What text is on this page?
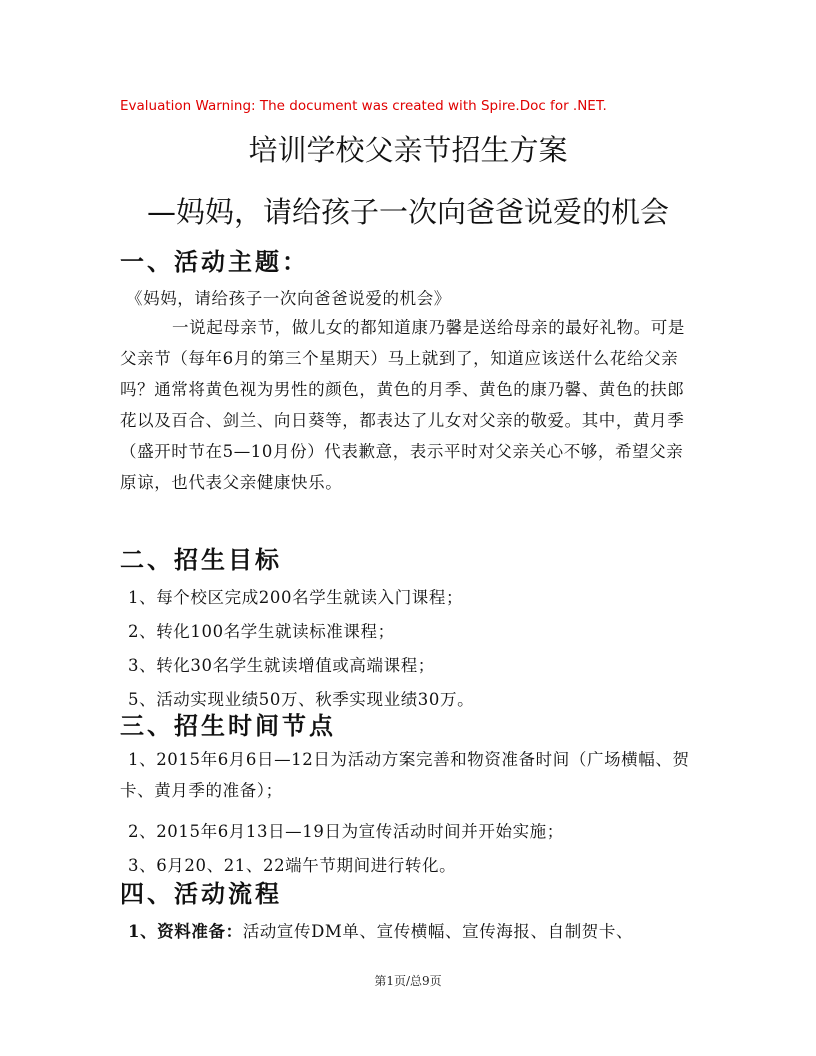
Evaluation Warning: The document was created with Spire.Doc for .NET.
培训学校父亲节招生方案
—妈妈，请给孩子一次向爸爸说爱的机会
一、活动主题：
《妈妈，请给孩子一次向爸爸说爱的机会》
一说起母亲节，做儿女的都知道康乃馨是送给母亲的最好礼物。可是父亲节（每年6月的第三个星期天）马上就到了，知道应该送什么花给父亲吗？通常将黄色视为男性的颜色，黄色的月季、黄色的康乃馨、黄色的扶郎花以及百合、剑兰、向日葵等，都表达了儿女对父亲的敬爱。其中，黄月季（盛开时节在5—10月份）代表歉意，表示平时对父亲关心不够，希望父亲原谅，也代表父亲健康快乐。
二、招生目标
1、每个校区完成200名学生就读入门课程；
2、转化100名学生就读标准课程；
3、转化30名学生就读增值或高端课程；
5、活动实现业绩50万、秋季实现业绩30万。
三、招生时间节点
1、2015年6月6日—12日为活动方案完善和物资准备时间（广场横幅、贺卡、黄月季的准备）；
2、2015年6月13日—19日为宣传活动时间并开始实施；
3、6月20、21、22端午节期间进行转化。
四、活动流程
1、资料准备：活动宣传DM单、宣传横幅、宣传海报、自制贺卡、
第1页/总9页
